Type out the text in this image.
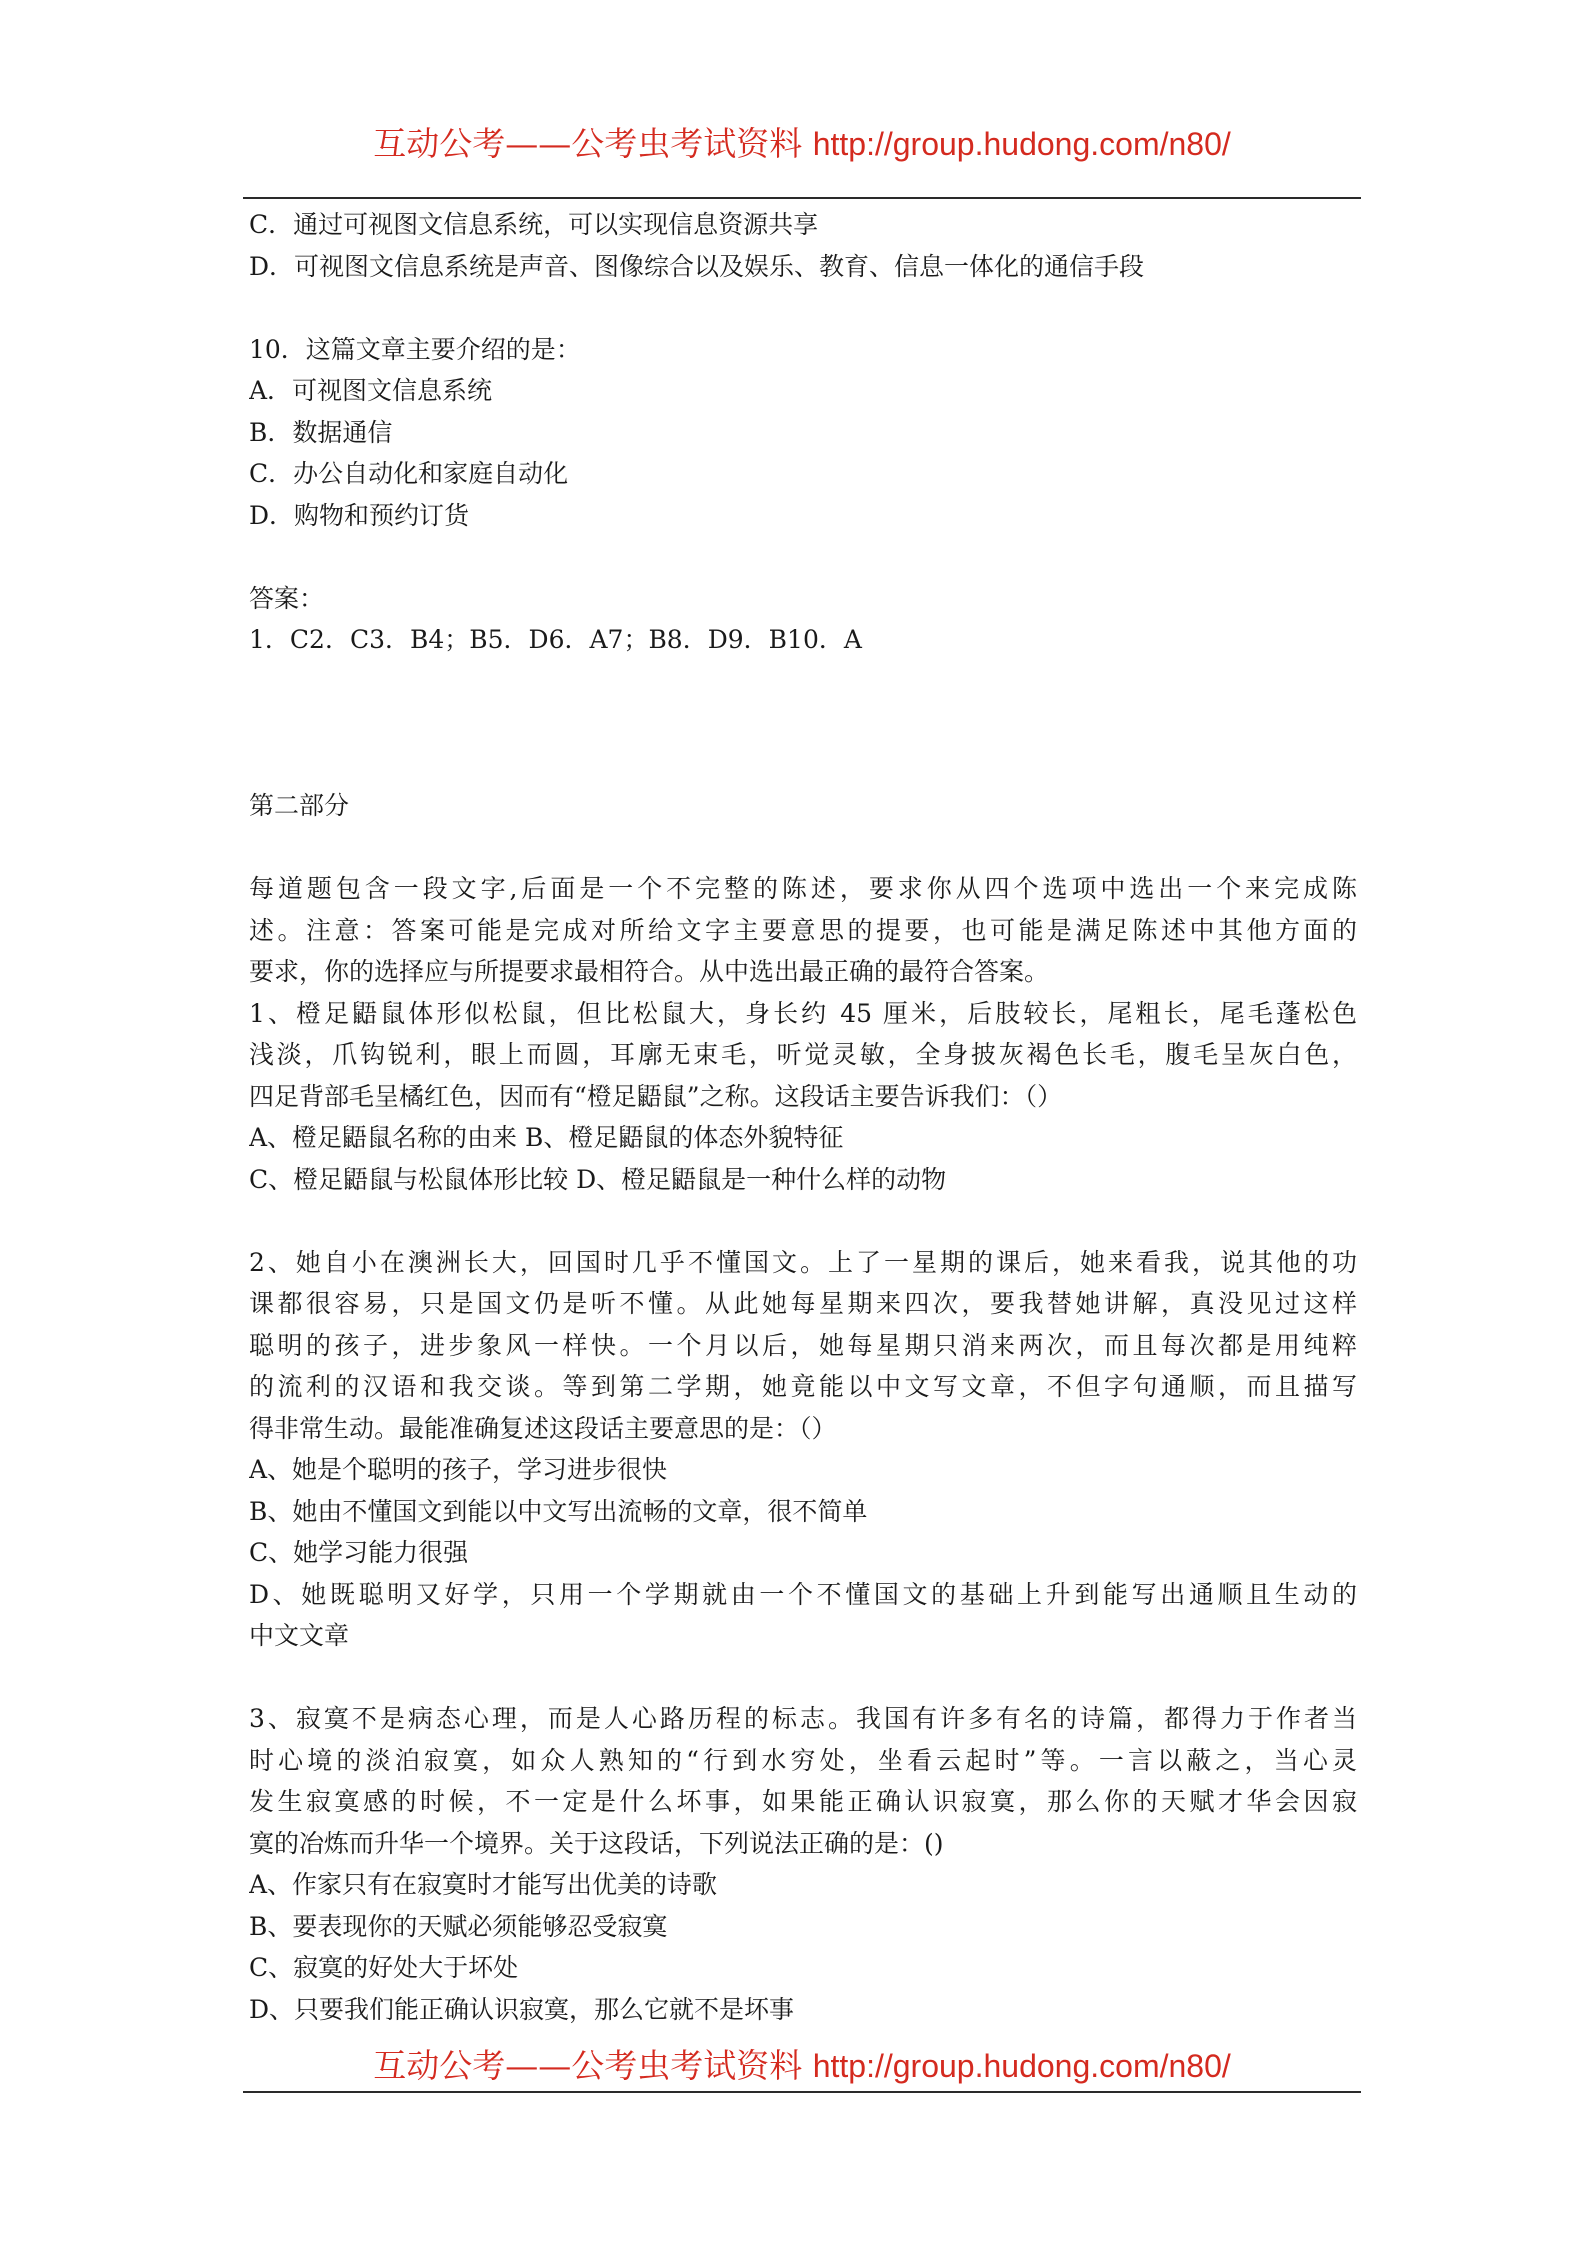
互动公考——公考虫考试资料 http://group.hudong.com/n80/
C．通过可视图文信息系统，可以实现信息资源共享
D．可视图文信息系统是声音、图像综合以及娱乐、教育、信息一体化的通信手段
10．这篇文章主要介绍的是：
A．可视图文信息系统
B．数据通信
C．办公自动化和家庭自动化
D．购物和预约订货
答案：
1．C2．C3．B4；B5．D6．A7；B8．D9．B10．A
第二部分
每道题包含一段文字,后面是一个不完整的陈述，要求你从四个选项中选出一个来完成陈
述。注意：答案可能是完成对所给文字主要意思的提要，也可能是满足陈述中其他方面的
要求，你的选择应与所提要求最相符合。从中选出最正确的最符合答案。
1、橙足鼯鼠体形似松鼠，但比松鼠大，身长约 45 厘米，后肢较长，尾粗长，尾毛蓬松色
浅淡，爪钩锐利，眼上而圆，耳廓无束毛，听觉灵敏，全身披灰褐色长毛，腹毛呈灰白色，
四足背部毛呈橘红色，因而有“橙足鼯鼠”之称。这段话主要告诉我们：（）
A、橙足鼯鼠名称的由来 B、橙足鼯鼠的体态外貌特征
C、橙足鼯鼠与松鼠体形比较 D、橙足鼯鼠是一种什么样的动物
2、她自小在澳洲长大，回国时几乎不懂国文。上了一星期的课后，她来看我，说其他的功
课都很容易，只是国文仍是听不懂。从此她每星期来四次，要我替她讲解，真没见过这样
聪明的孩子，进步象风一样快。一个月以后，她每星期只消来两次，而且每次都是用纯粹
的流利的汉语和我交谈。等到第二学期，她竟能以中文写文章，不但字句通顺，而且描写
得非常生动。最能准确复述这段话主要意思的是：（）
A、她是个聪明的孩子，学习进步很快
B、她由不懂国文到能以中文写出流畅的文章，很不简单
C、她学习能力很强
D、她既聪明又好学，只用一个学期就由一个不懂国文的基础上升到能写出通顺且生动的
中文文章
3、寂寞不是病态心理，而是人心路历程的标志。我国有许多有名的诗篇，都得力于作者当
时心境的淡泊寂寞，如众人熟知的“行到水穷处，坐看云起时”等。一言以蔽之，当心灵
发生寂寞感的时候，不一定是什么坏事，如果能正确认识寂寞，那么你的天赋才华会因寂
寞的冶炼而升华一个境界。关于这段话，下列说法正确的是：()
A、作家只有在寂寞时才能写出优美的诗歌
B、要表现你的天赋必须能够忍受寂寞
C、寂寞的好处大于坏处
D、只要我们能正确认识寂寞，那么它就不是坏事
互动公考——公考虫考试资料 http://group.hudong.com/n80/
